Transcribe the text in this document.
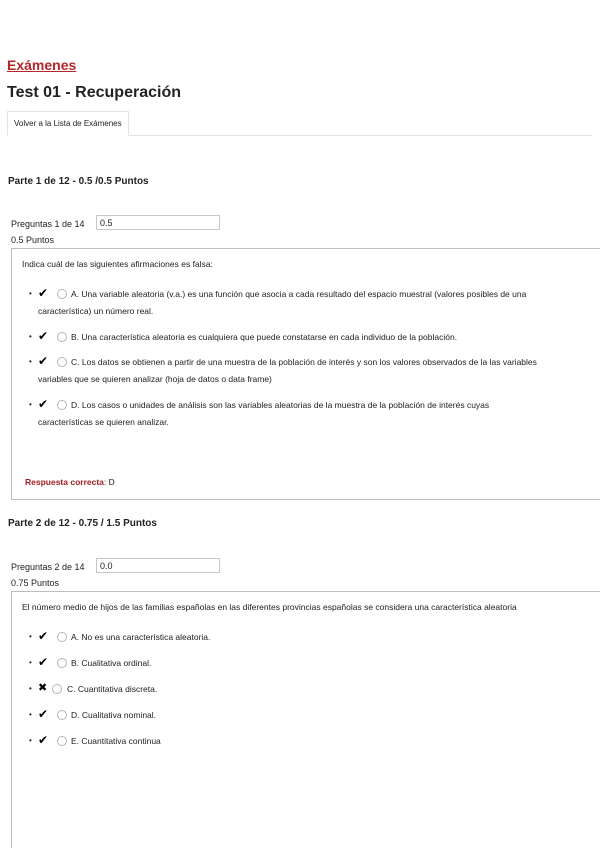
Exámenes
Test 01 - Recuperación
Volver a la Lista de Exámenes
Parte 1 de 12 - 0.5 /0.5 Puntos
Preguntas 1 de 14
0.5
0.5 Puntos
Indica cuál de las siguientes afirmaciones es falsa:
• ✔	A. Una variable aleatoria (v.a.) es una función que asocia a cada resultado del espacio muestral (valores posibles de una
característica) un número real.
• ✔	B. Una característica aleatoria es cualquiera que puede constatarse en cada individuo de la población.
• ✔	C. Los datos se obtienen a partir de una muestra de la población de interés y son los valores observados de la las variables
variables que se quieren analizar (hoja de datos o data frame)
• ✔	D. Los casos o unidades de análisis son las variables aleatorias de la muestra de la población de interés cuyas
características se quieren analizar.
Respuesta correcta: D
Parte 2 de 12 - 0.75 / 1.5 Puntos
Preguntas 2 de 14
0.0
0.75 Puntos
El número medio de hijos de las familias españolas en las diferentes provincias españolas se considera una característica aleatoria
• ✔	A. No es una característica aleatoria.
• ✔	B. Cualitativa ordinal.
• ✖ C. Cuantitativa discreta.
• ✔	D. Cualitativa nominal.
• ✔	E. Cuantitativa continua
